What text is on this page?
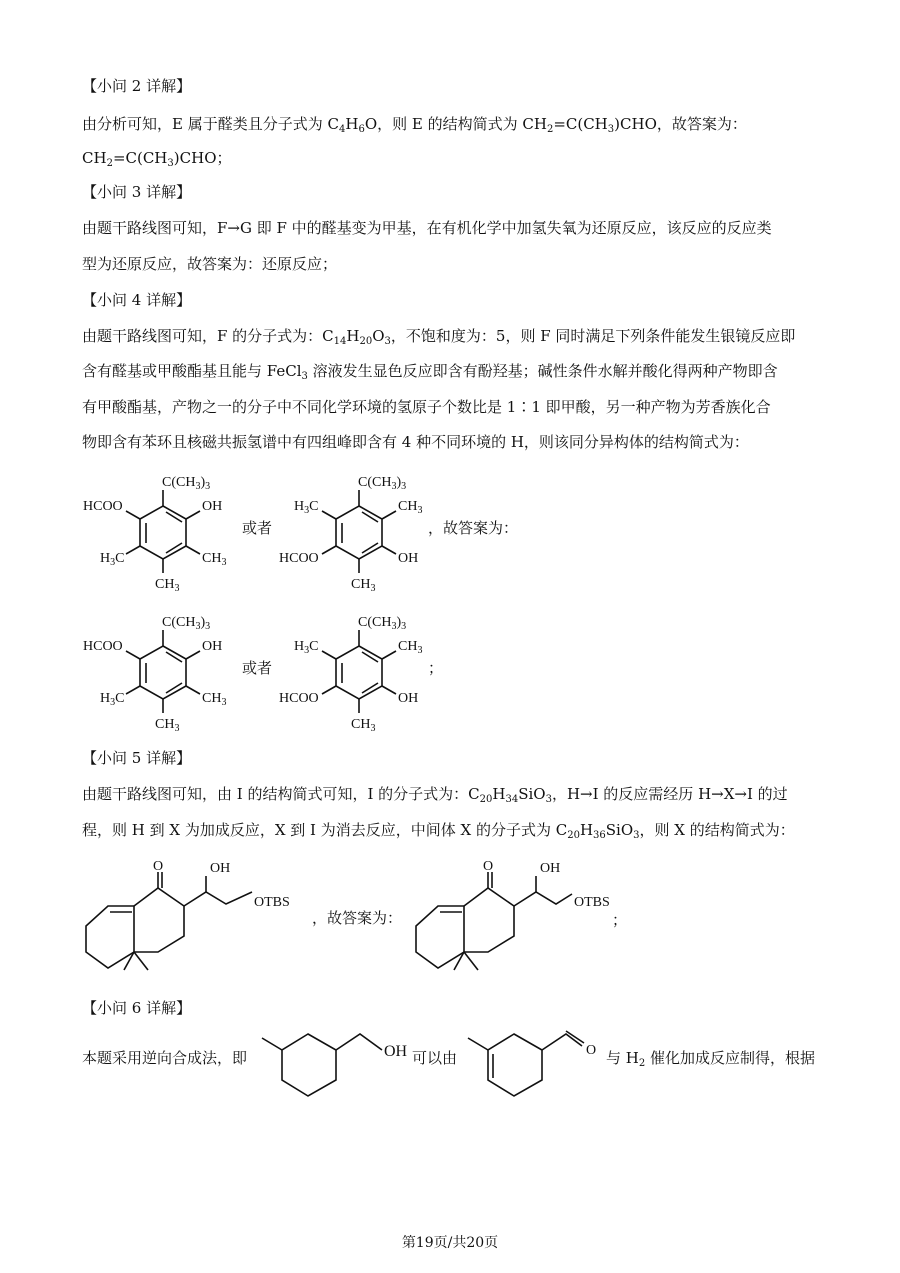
【小问 2 详解】
由分析可知，E 属于醛类且分子式为 $C_4H_6O$，则 E 的结构简式为 $CH_2=C(CH_3)CHO$，故答案为：
$CH_2=C(CH_3)CHO$；
【小问 3 详解】
由题干路线图可知，F→G 即 F 中的醛基变为甲基，在有机化学中加氢失氧为还原反应，该反应的反应类
型为还原反应，故答案为：还原反应；
【小问 4 详解】
由题干路线图可知，F 的分子式为：$C_{14}H_{20}O_3$，不饱和度为：5，则 F 同时满足下列条件能发生银镜反应即
含有醛基或甲酸酯基且能与 FeCl$_3$ 溶液发生显色反应即含有酚羟基；碱性条件水解并酸化得两种产物即含
有甲酸酯基，产物之一的分子中不同化学环境的氢原子个数比是 1∶1 即甲酸，另一种产物为芳香族化合
物即含有苯环且核磁共振氢谱中有四组峰即含有 4 种不同环境的 H，则该同分异构体的结构简式为：
$C(CH_3)_3$
HCOO	OH
$H_3C$	$CH_3$
$CH_3$
或者
$C(CH_3)_3$
$H_3C$	$CH_3$
HCOO	OH
$CH_3$
，故答案为：
$C(CH_3)_3$
HCOO	OH
$H_3C$	$CH_3$
$CH_3$
或者
$C(CH_3)_3$
$H_3C$	$CH_3$
HCOO	OH
$CH_3$
；
【小问 5 详解】
由题干路线图可知，由 I 的结构简式可知，I 的分子式为：$C_{20}H_{34}SiO_3$，H→I 的反应需经历 H→X→I 的过
程，则 H 到 X 为加成反应，X 到 I 为消去反应，中间体 X 的分子式为 $C_{20}H_{36}SiO_3$，则 X 的结构简式为：
O	OH
OTBS
，故答案为：
O	OH
OTBS
；
【小问 6 详解】
本题采用逆向合成法，即	OH 可以由	O 与 $H_2$ 催化加成反应制得，根据
第19页/共20页
